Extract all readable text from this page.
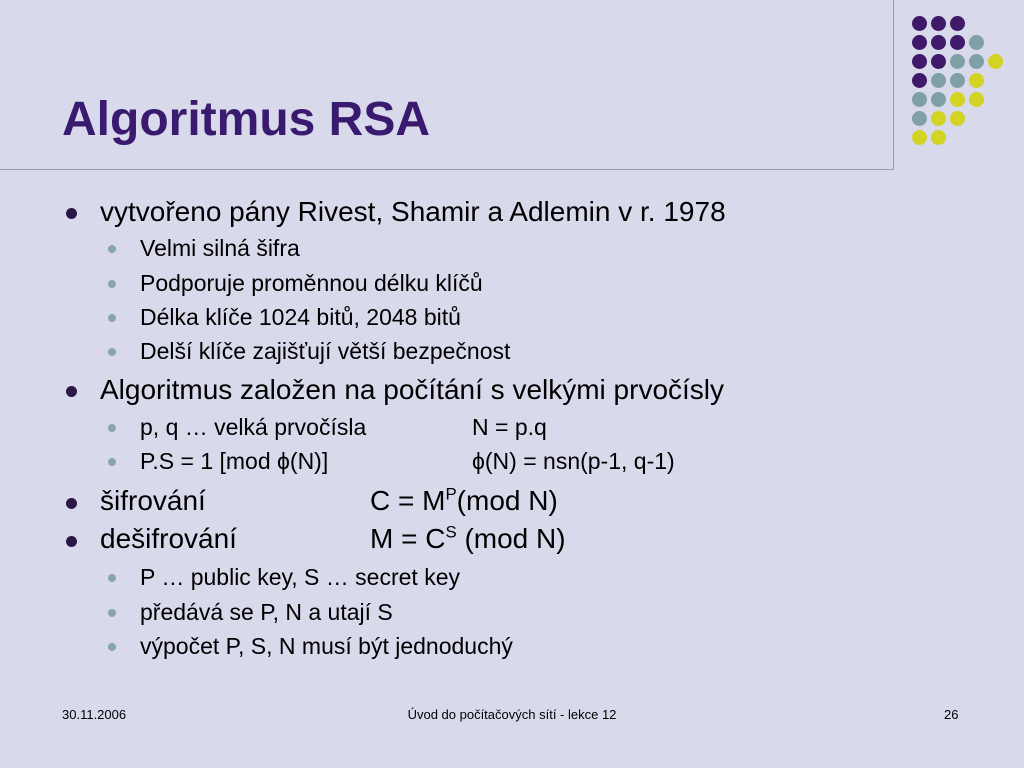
Algoritmus RSA
vytvořeno pány Rivest, Shamir a Adlemin v r. 1978
Velmi silná šifra
Podporuje proměnnou délku klíčů
Délka klíče 1024 bitů, 2048 bitů
Delší klíče zajišťují větší bezpečnost
Algoritmus založen na počítání s velkými prvočísly
p, q … velká prvočísla	N = p.q
P.S = 1 [mod ϕ(N)]	ϕ(N) = nsn(p-1, q-1)
šifrování	$C = M^P(mod$ N)
dešifrování	$M = C^S$ (mod N)
P … public key, S … secret key
předává se P, N a utají S
výpočet P, S, N musí být jednoduchý
30.11.2006	Úvod do počítačových sítí - lekce 12	26
